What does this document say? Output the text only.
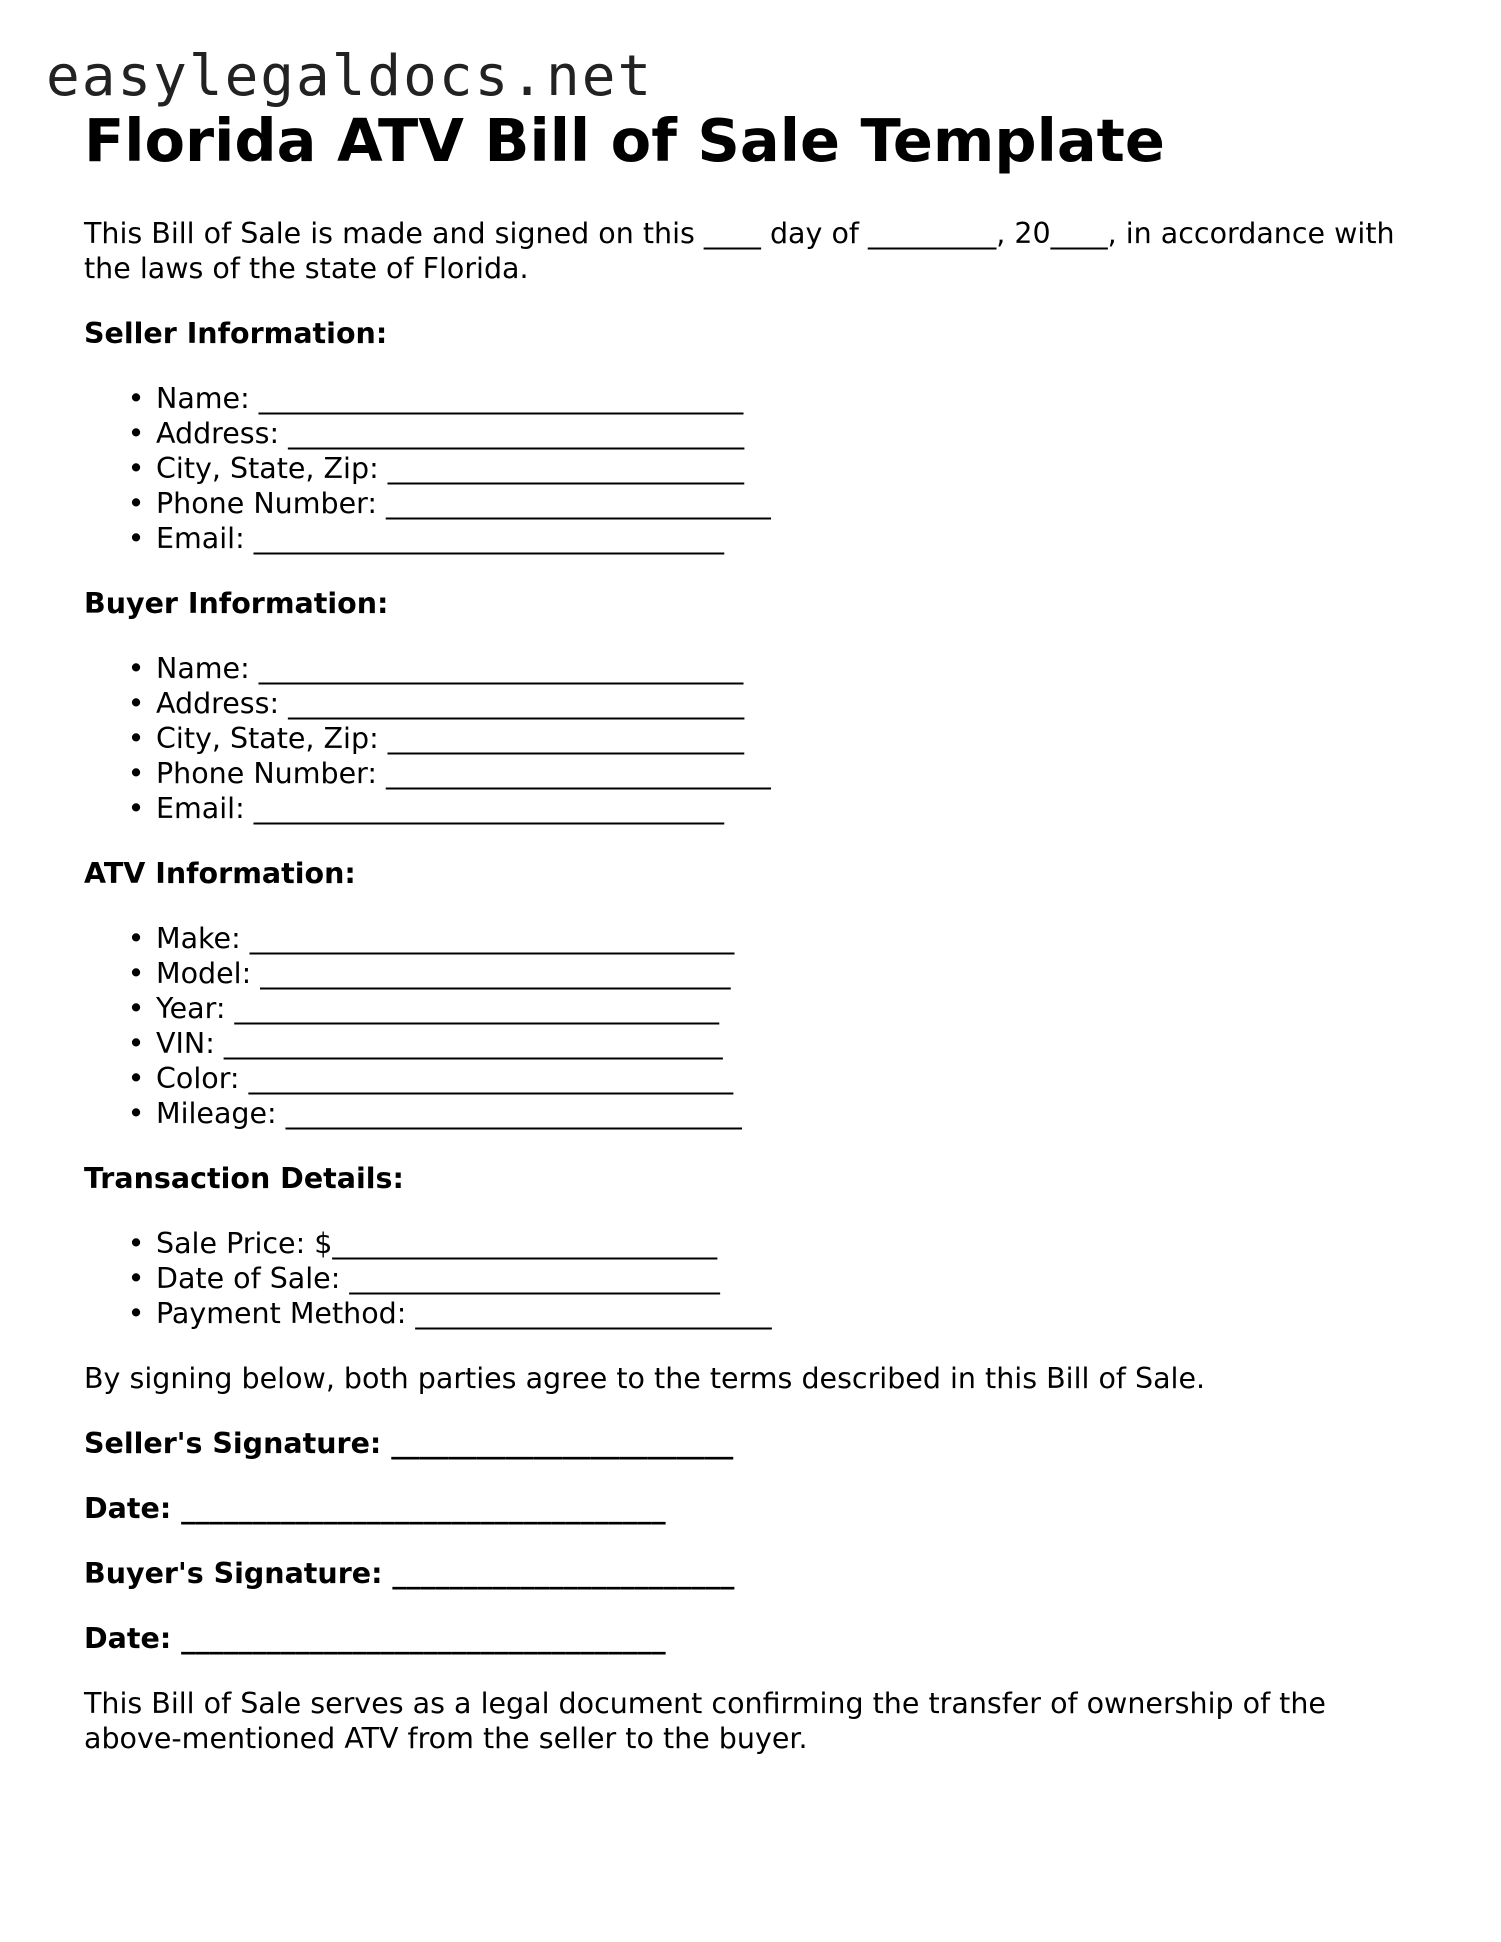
easylegaldocs.net
Florida ATV Bill of Sale Template

This Bill of Sale is made and signed on this ____ day of _________, 20____, in accordance with the laws of the state of Florida.

Seller Information:
• Name: __________________________________
• Address: ________________________________
• City, State, Zip: _________________________
• Phone Number: ___________________________
• Email: _________________________________
Buyer Information:
• Name: __________________________________
• Address: ________________________________
• City, State, Zip: _________________________
• Phone Number: ___________________________
• Email: _________________________________
ATV Information:
• Make: __________________________________
• Model: _________________________________
• Year: __________________________________
• VIN: ___________________________________
• Color: __________________________________
• Mileage: ________________________________
Transaction Details:
• Sale Price: $___________________________
• Date of Sale: __________________________
• Payment Method: _________________________

By signing below, both parties agree to the terms described in this Bill of Sale.

Seller's Signature: ________________________
Date: __________________________________
Buyer's Signature: ________________________
Date: __________________________________

This Bill of Sale serves as a legal document confirming the transfer of ownership of the above-mentioned ATV from the seller to the buyer.
